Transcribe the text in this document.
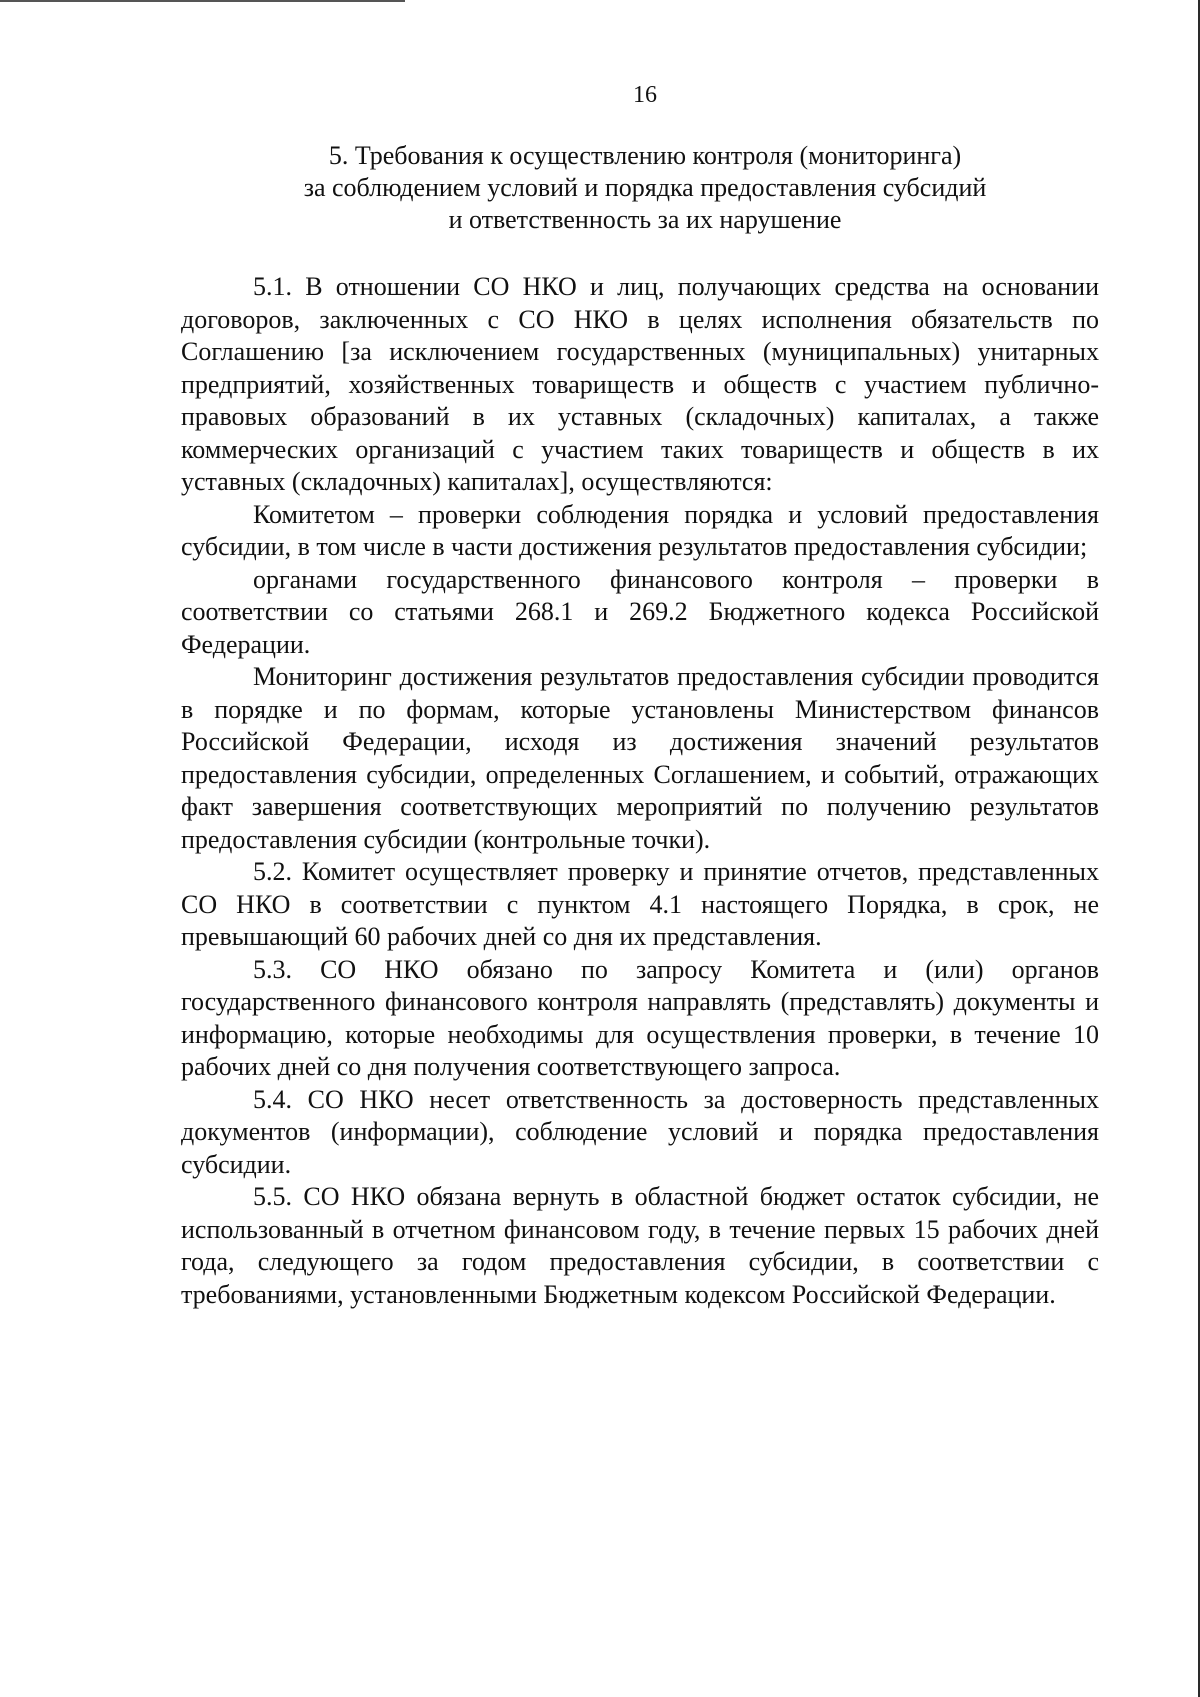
16
5. Требования к осуществлению контроля (мониторинга)
за соблюдением условий и порядка предоставления субсидий
и ответственность за их нарушение

5.1. В отношении СО НКО и лиц, получающих средства на основании договоров, заключенных с СО НКО в целях исполнения обязательств по Соглашению [за исключением государственных (муниципальных) унитарных предприятий, хозяйственных товариществ и обществ с участием публично-правовых образований в их уставных (складочных) капиталах, а также коммерческих организаций с участием таких товариществ и обществ в их уставных (складочных) капиталах], осуществляются:

Комитетом – проверки соблюдения порядка и условий предоставления субсидии, в том числе в части достижения результатов предоставления субсидии;

органами государственного финансового контроля – проверки в соответствии со статьями 268.1 и 269.2 Бюджетного кодекса Российской Федерации.

Мониторинг достижения результатов предоставления субсидии проводится в порядке и по формам, которые установлены Министерством финансов Российской Федерации, исходя из достижения значений результатов предоставления субсидии, определенных Соглашением, и событий, отражающих факт завершения соответствующих мероприятий по получению результатов предоставления субсидии (контрольные точки).

5.2. Комитет осуществляет проверку и принятие отчетов, представленных СО НКО в соответствии с пунктом 4.1 настоящего Порядка, в срок, не превышающий 60 рабочих дней со дня их представления.

5.3. СО НКО обязано по запросу Комитета и (или) органов государственного финансового контроля направлять (представлять) документы и информацию, которые необходимы для осуществления проверки, в течение 10 рабочих дней со дня получения соответствующего запроса.

5.4. СО НКО несет ответственность за достоверность представленных документов (информации), соблюдение условий и порядка предоставления субсидии.

5.5. СО НКО обязана вернуть в областной бюджет остаток субсидии, не использованный в отчетном финансовом году, в течение первых 15 рабочих дней года, следующего за годом предоставления субсидии, в соответствии с требованиями, установленными Бюджетным кодексом Российской Федерации.
